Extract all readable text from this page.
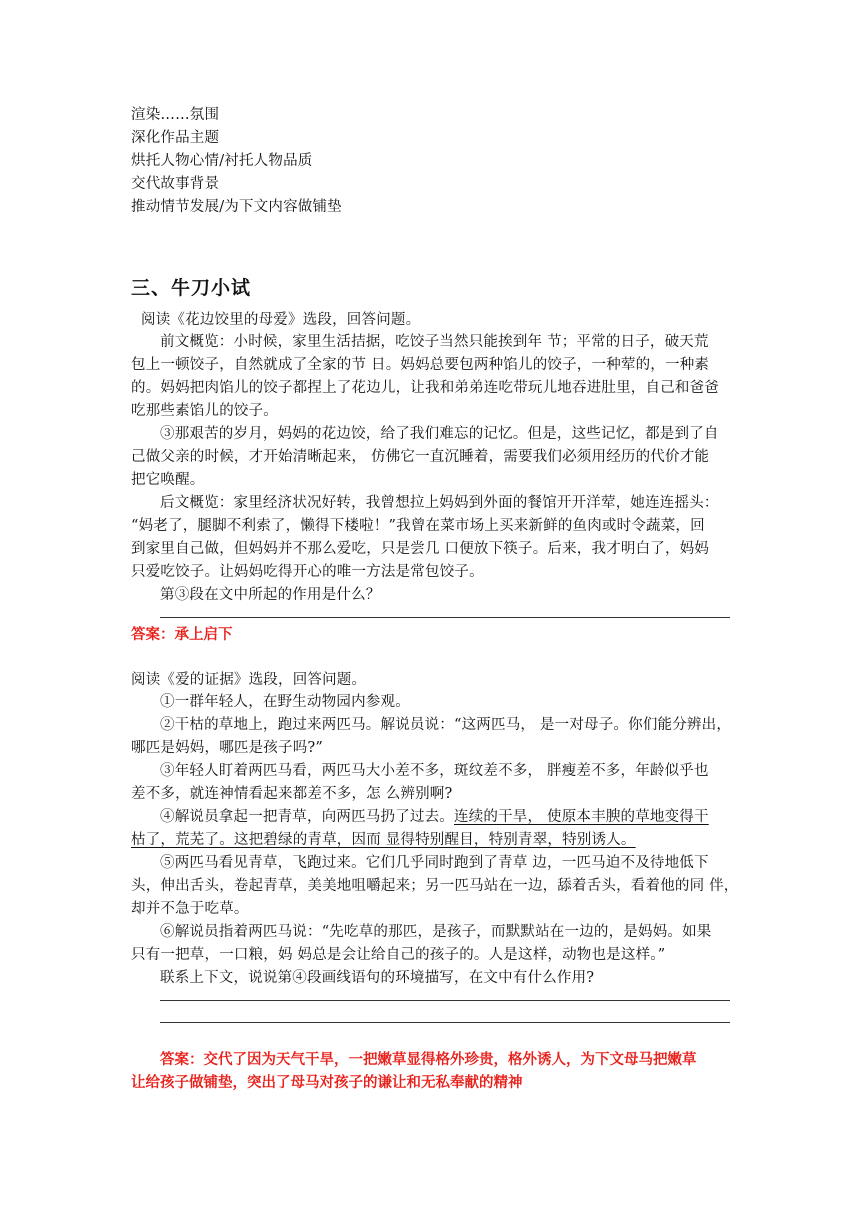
渲染……氛围
深化作品主题
烘托人物心情/衬托人物品质
交代故事背景
推动情节发展/为下文内容做铺垫
三、牛刀小试
阅读《花边饺里的母爱》选段，回答问题。
前文概览：小时候，家里生活拮据，吃饺子当然只能挨到年 节；平常的日子，破天荒
包上一顿饺子，自然就成了全家的节 日。妈妈总要包两种馅儿的饺子，一种荤的，一种素
的。妈妈把肉馅儿的饺子都捏上了花边儿，让我和弟弟连吃带玩儿地吞进肚里，自己和爸爸
吃那些素馅儿的饺子。
③那艰苦的岁月，妈妈的花边饺，给了我们难忘的记忆。但是，这些记忆，都是到了自
己做父亲的时候，才开始清晰起来， 仿佛它一直沉睡着，需要我们必须用经历的代价才能
把它唤醒。
后文概览：家里经济状况好转，我曾想拉上妈妈到外面的餐馆开开洋荤，她连连摇头：
“妈老了，腿脚不利索了，懒得下楼啦！”我曾在菜市场上买来新鲜的鱼肉或时令蔬菜，回
到家里自己做，但妈妈并不那么爱吃，只是尝几 口便放下筷子。后来，我才明白了，妈妈
只爱吃饺子。让妈妈吃得开心的唯一方法是常包饺子。
第③段在文中所起的作用是什么？
答案：承上启下
阅读《爱的证据》选段，回答问题。
①一群年轻人，在野生动物园内参观。
②干枯的草地上，跑过来两匹马。解说员说：“这两匹马， 是一对母子。你们能分辨出，
哪匹是妈妈，哪匹是孩子吗?”
③年轻人盯着两匹马看，两匹马大小差不多，斑纹差不多， 胖瘦差不多，年龄似乎也
差不多，就连神情看起来都差不多，怎 么辨别啊?
④解说员拿起一把青草，向两匹马扔了过去。连续的干旱， 使原本丰腴的草地变得干
枯了，荒芜了。这把碧绿的青草，因而 显得特别醒目，特别青翠，特别诱人。
⑤两匹马看见青草，飞跑过来。它们几乎同时跑到了青草 边，一匹马迫不及待地低下
头，伸出舌头，卷起青草，美美地咀嚼起来；另一匹马站在一边，舔着舌头，看着他的同 伴，
却并不急于吃草。
⑥解说员指着两匹马说：“先吃草的那匹，是孩子，而默默站在一边的，是妈妈。如果
只有一把草，一口粮，妈 妈总是会让给自己的孩子的。人是这样，动物也是这样。”
联系上下文，说说第④段画线语句的环境描写，在文中有什么作用?
答案：交代了因为天气干旱，一把嫩草显得格外珍贵，格外诱人，为下文母马把嫩草
让给孩子做铺垫，突出了母马对孩子的谦让和无私奉献的精神
